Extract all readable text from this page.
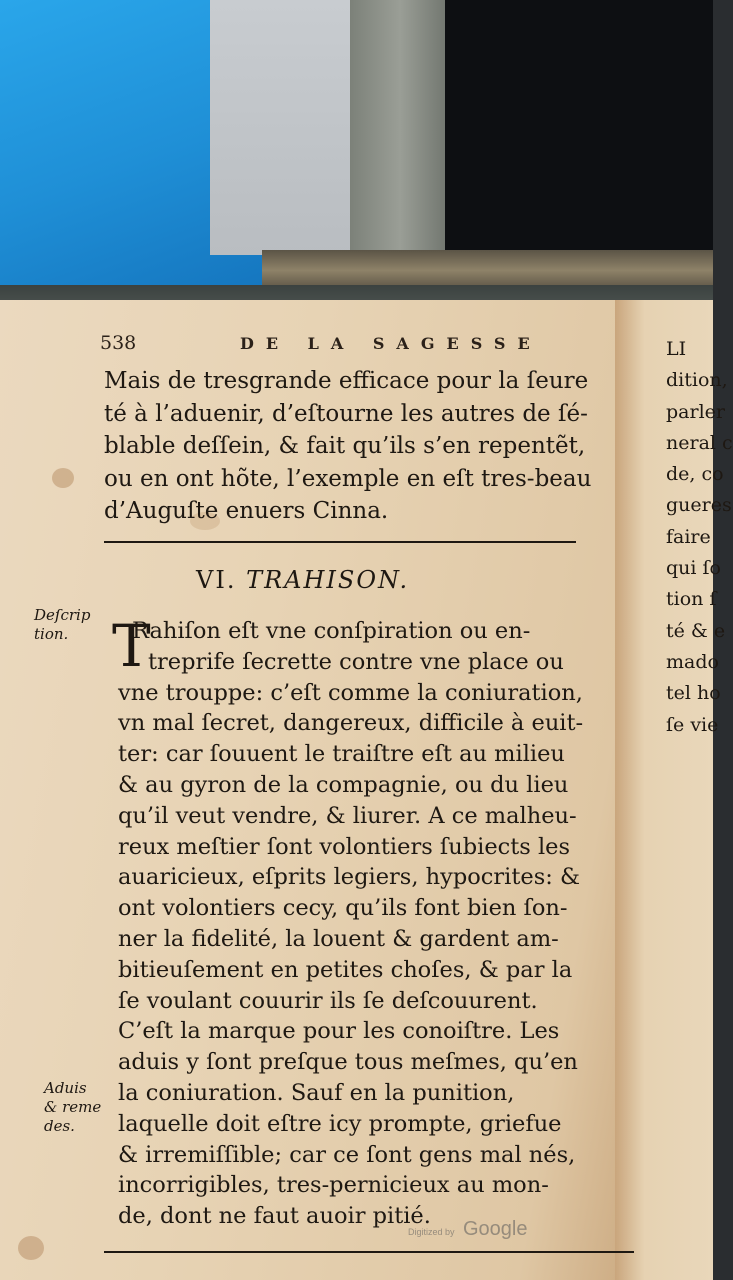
538	DE LA SAGESSE
Mais de tresgrande efficace pour la ſeure
té à l’aduenir, d’eſtourne les autres de ſé-
blable deſſein, & fait qu’ils s’en repentẽt,
ou en ont hõte, l’exemple en eſt tres-beau
d’Auguſte enuers Cinna.
VI. TRAHISON.
Deſcrip
tion.
Aduis
& reme
des.
T
Rahiſon eſt vne conſpiration ou en-
treprife ſecrette contre vne place ou
vne trouppe: c’eſt comme la coniuration,
vn mal ſecret, dangereux, difficile à euit-
ter: car ſouuent le traiſtre eſt au milieu
& au gyron de la compagnie, ou du lieu
qu’il veut vendre, & liurer. A ce malheu-
reux meſtier ſont volontiers ſubiects les
auaricieux, eſprits legiers, hypocrites: &
ont volontiers cecy, qu’ils font bien ſon-
ner la fidelité, la louent & gardent am-
bitieuſement en petites choſes, & par la
ſe voulant couurir ils ſe deſcouurent.
C’eſt la marque pour les conoiſtre. Les
aduis y ſont preſque tous meſmes, qu’en
la coniuration. Sauf en la punition,
laquelle doit eſtre icy prompte, griefue
& irremiſſible; car ce ſont gens mal nés,
incorrigibles, tres-pernicieux au mon-
de, dont ne faut auoir pitié.
LI
dition,
parler
neral c
de, co
gueres
faire
qui ſo
tion ſ
té & e
mado
tel ho
ſe vie
Digitized by Google
